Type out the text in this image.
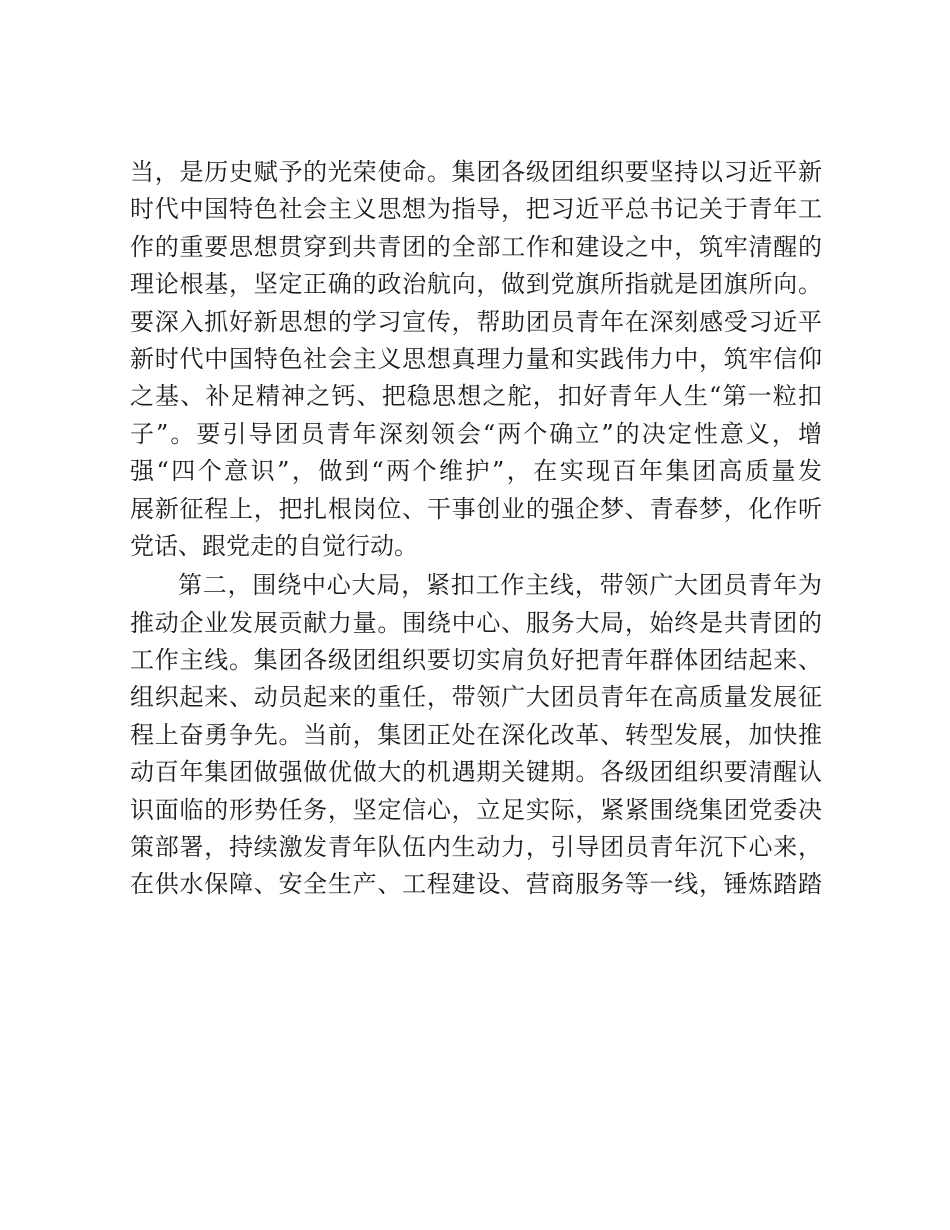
当，是历史赋予的光荣使命。集团各级团组织要坚持以习近平新
时代中国特色社会主义思想为指导，把习近平总书记关于青年工
作的重要思想贯穿到共青团的全部工作和建设之中，筑牢清醒的
理论根基，坚定正确的政治航向，做到党旗所指就是团旗所向。
要深入抓好新思想的学习宣传，帮助团员青年在深刻感受习近平
新时代中国特色社会主义思想真理力量和实践伟力中，筑牢信仰
之基、补足精神之钙、把稳思想之舵，扣好青年人生“第一粒扣
子”。要引导团员青年深刻领会“两个确立”的决定性意义，增
强“四个意识”，做到“两个维护”，在实现百年集团高质量发
展新征程上，把扎根岗位、干事创业的强企梦、青春梦，化作听
党话、跟党走的自觉行动。
第二，围绕中心大局，紧扣工作主线，带领广大团员青年为
推动企业发展贡献力量。围绕中心、服务大局，始终是共青团的
工作主线。集团各级团组织要切实肩负好把青年群体团结起来、
组织起来、动员起来的重任，带领广大团员青年在高质量发展征
程上奋勇争先。当前，集团正处在深化改革、转型发展，加快推
动百年集团做强做优做大的机遇期关键期。各级团组织要清醒认
识面临的形势任务，坚定信心，立足实际，紧紧围绕集团党委决
策部署，持续激发青年队伍内生动力，引导团员青年沉下心来，
在供水保障、安全生产、工程建设、营商服务等一线，锤炼踏踏
